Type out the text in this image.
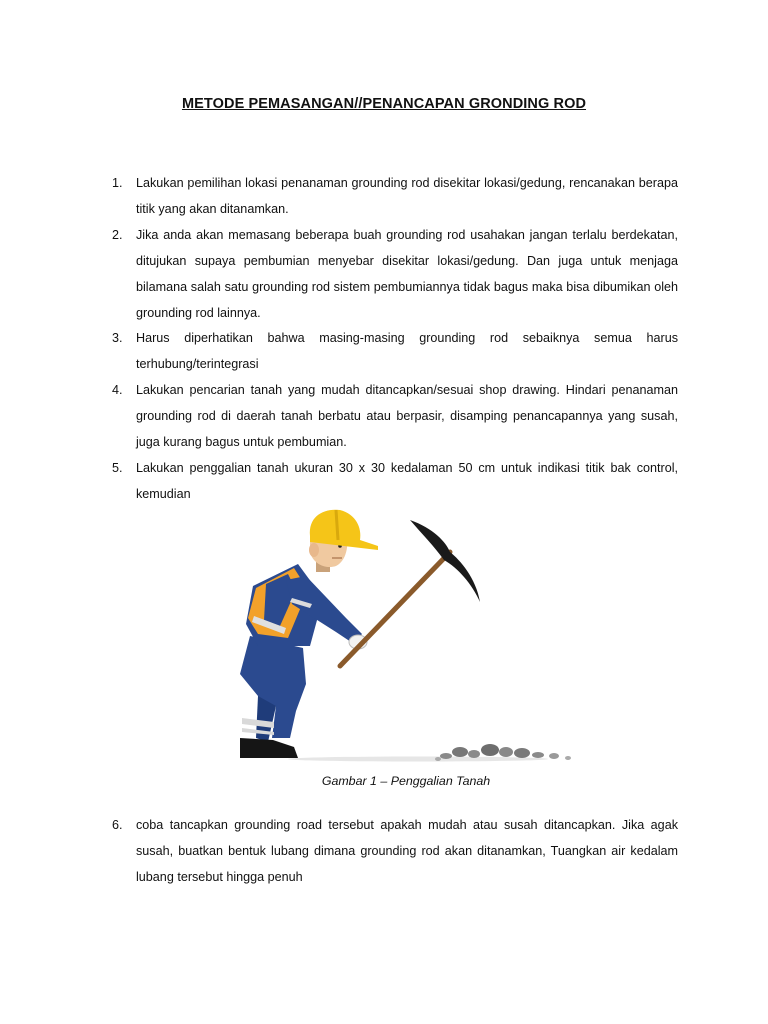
METODE PEMASANGAN//PENANCAPAN GRONDING ROD
1.	Lakukan pemilihan lokasi penanaman grounding rod disekitar lokasi/gedung, rencanakan berapa titik yang akan ditanamkan.
2.	Jika anda akan memasang beberapa buah grounding rod usahakan jangan terlalu berdekatan, ditujukan supaya pembumian menyebar disekitar lokasi/gedung. Dan juga untuk menjaga bilamana salah satu grounding rod sistem pembumiannya tidak bagus maka bisa dibumikan oleh grounding rod lainnya.
3.	Harus diperhatikan bahwa masing-masing grounding rod sebaiknya semua harus terhubung/terintegrasi
4.	Lakukan pencarian tanah yang mudah ditancapkan/sesuai shop drawing. Hindari penanaman grounding rod di daerah tanah berbatu atau berpasir, disamping penancapannya yang susah, juga kurang bagus untuk pembumian.
5.	Lakukan penggalian tanah ukuran 30 x 30 kedalaman 50 cm untuk indikasi titik bak control, kemudian
Gambar 1 – Penggalian Tanah
6.	coba tancapkan grounding road tersebut apakah mudah atau susah ditancapkan. Jika agak susah, buatkan bentuk lubang dimana grounding rod akan ditanamkan, Tuangkan air kedalam lubang tersebut hingga penuh
